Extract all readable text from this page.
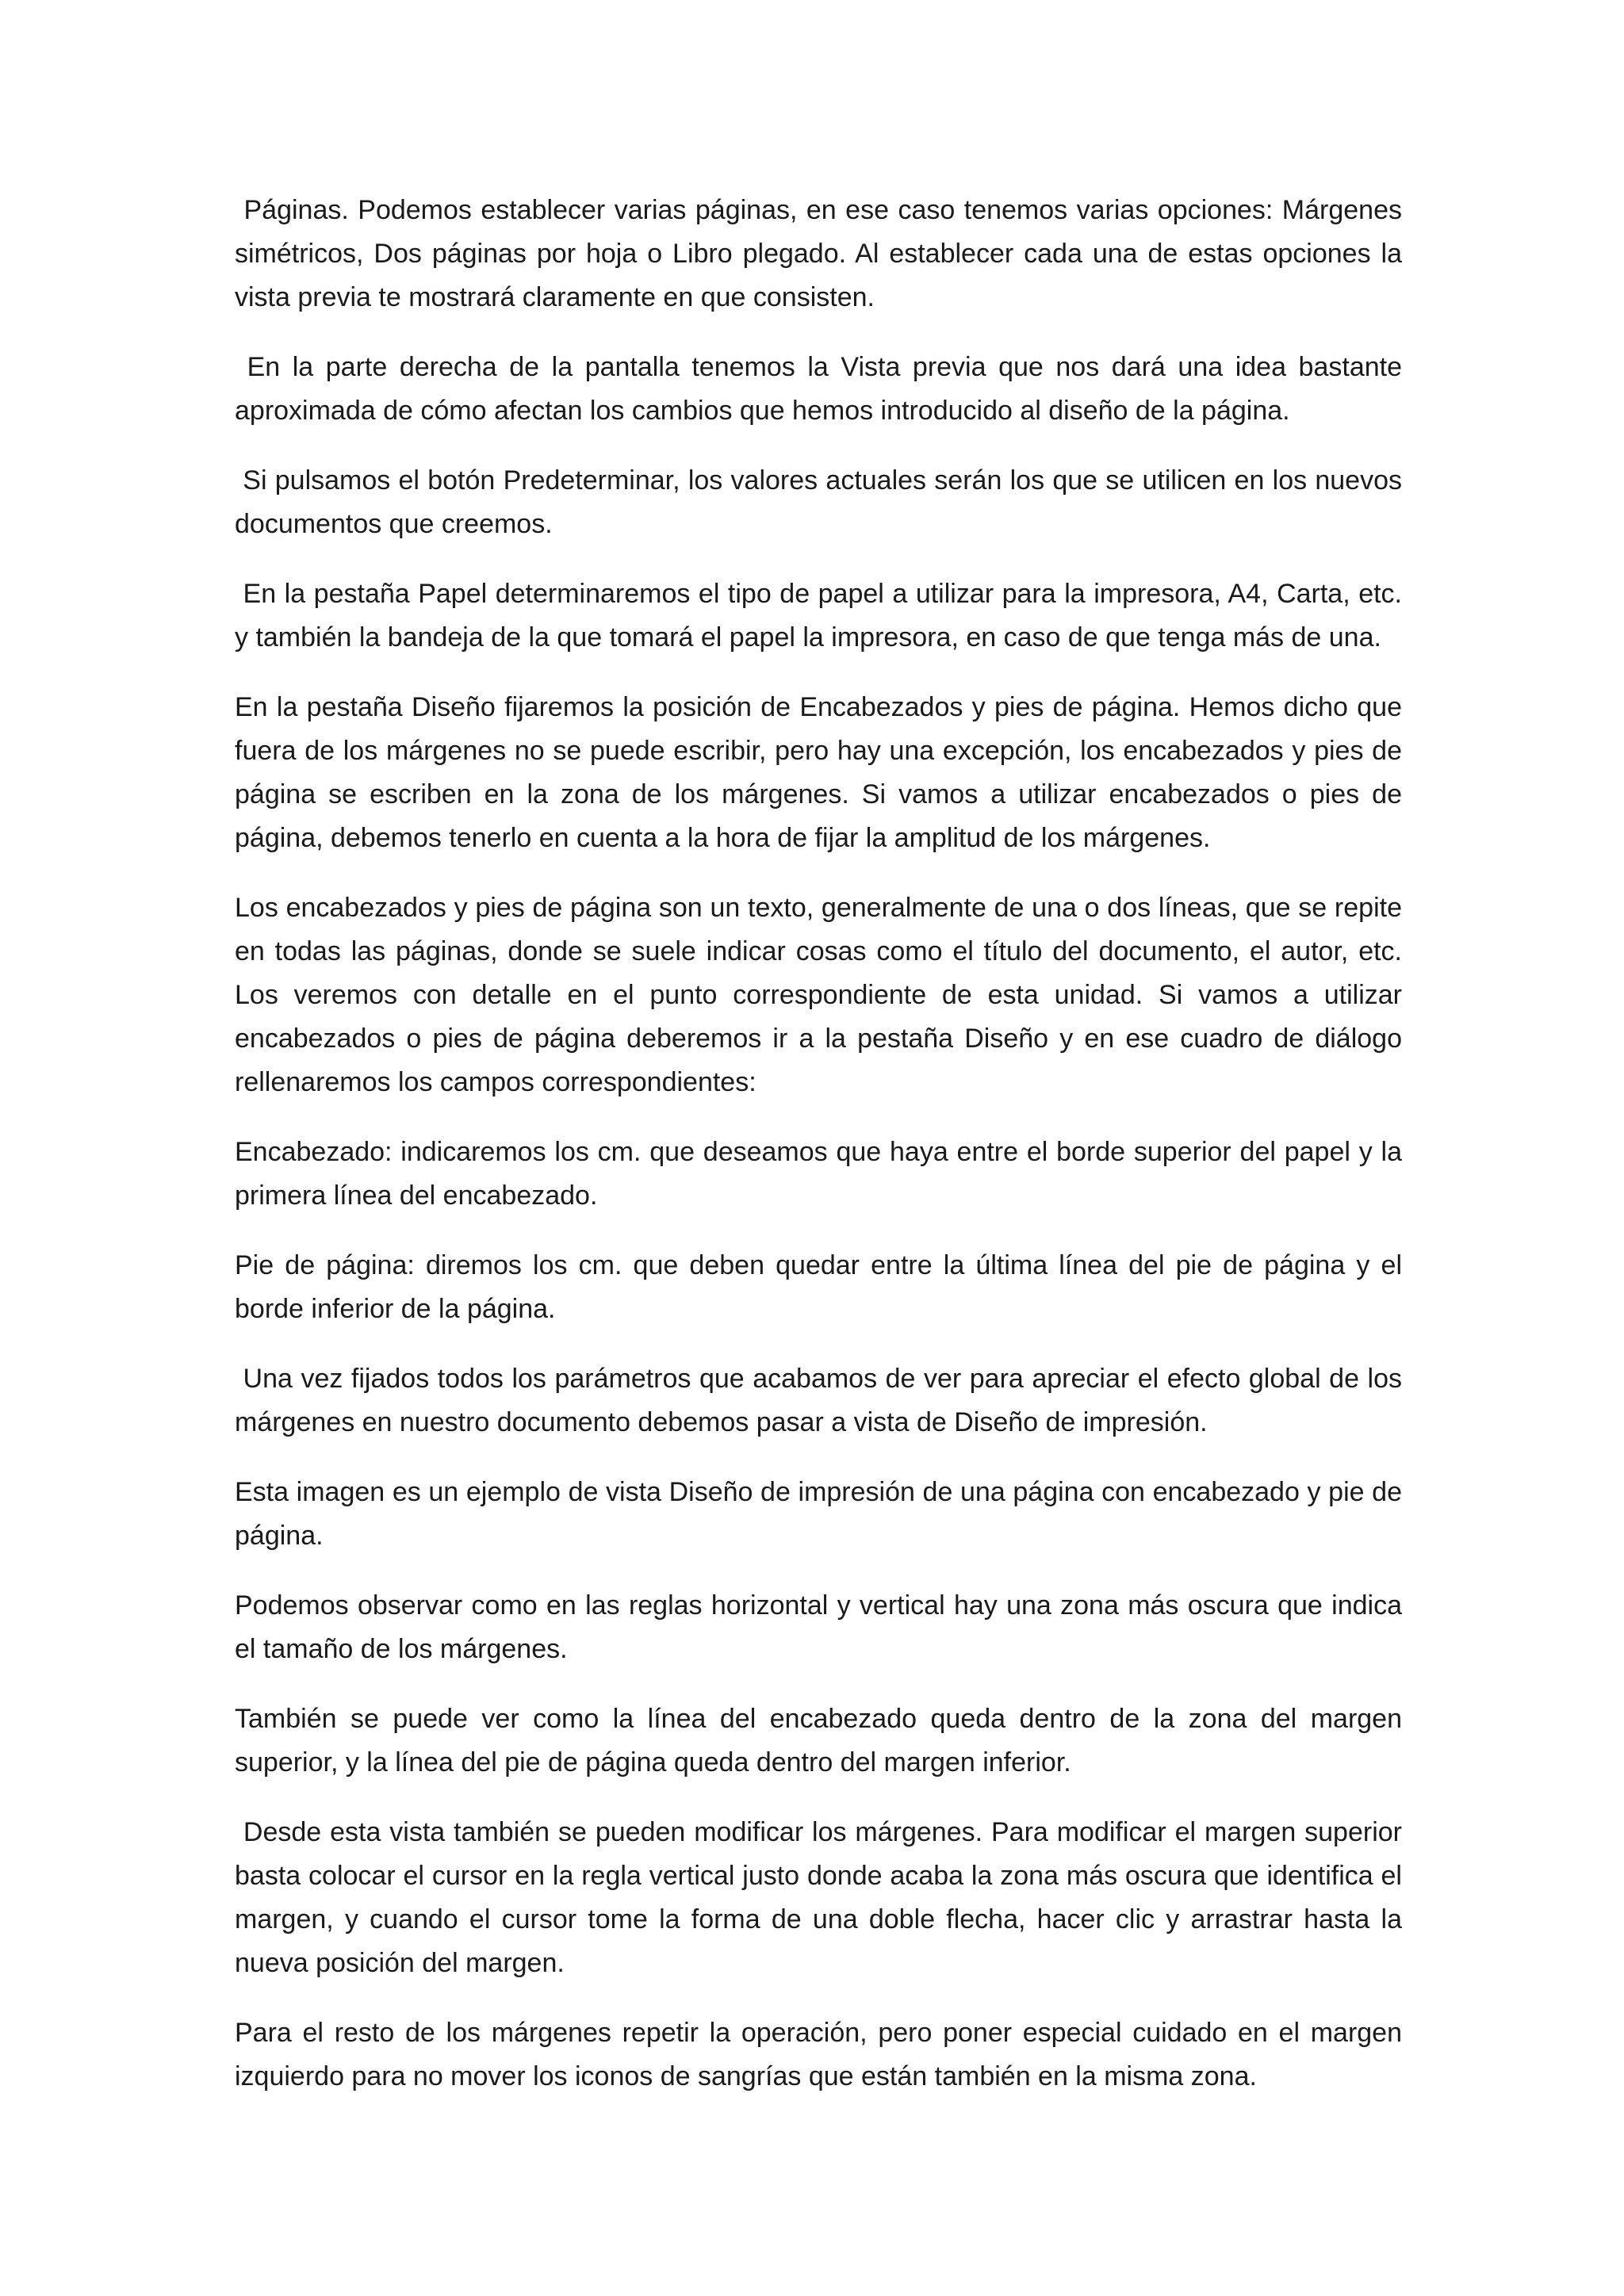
Páginas. Podemos establecer varias páginas, en ese caso tenemos varias opciones: Márgenes simétricos, Dos páginas por hoja o Libro plegado. Al establecer cada una de estas opciones la vista previa te mostrará claramente en que consisten.

En la parte derecha de la pantalla tenemos la Vista previa que nos dará una idea bastante aproximada de cómo afectan los cambios que hemos introducido al diseño de la página.

Si pulsamos el botón Predeterminar, los valores actuales serán los que se utilicen en los nuevos documentos que creemos.

En la pestaña Papel determinaremos el tipo de papel a utilizar para la impresora, A4, Carta, etc. y también la bandeja de la que tomará el papel la impresora, en caso de que tenga más de una.

En la pestaña Diseño fijaremos la posición de Encabezados y pies de página. Hemos dicho que fuera de los márgenes no se puede escribir, pero hay una excepción, los encabezados y pies de página se escriben en la zona de los márgenes. Si vamos a utilizar encabezados o pies de página, debemos tenerlo en cuenta a la hora de fijar la amplitud de los márgenes.

Los encabezados y pies de página son un texto, generalmente de una o dos líneas, que se repite en todas las páginas, donde se suele indicar cosas como el título del documento, el autor, etc. Los veremos con detalle en el punto correspondiente de esta unidad. Si vamos a utilizar encabezados o pies de página deberemos ir a la pestaña Diseño y en ese cuadro de diálogo rellenaremos los campos correspondientes:

Encabezado: indicaremos los cm. que deseamos que haya entre el borde superior del papel y la primera línea del encabezado.

Pie de página: diremos los cm. que deben quedar entre la última línea del pie de página y el borde inferior de la página.

Una vez fijados todos los parámetros que acabamos de ver para apreciar el efecto global de los márgenes en nuestro documento debemos pasar a vista de Diseño de impresión.

Esta imagen es un ejemplo de vista Diseño de impresión de una página con encabezado y pie de página.

Podemos observar como en las reglas horizontal y vertical hay una zona más oscura que indica el tamaño de los márgenes.

También se puede ver como la línea del encabezado queda dentro de la zona del margen superior, y la línea del pie de página queda dentro del margen inferior.

Desde esta vista también se pueden modificar los márgenes. Para modificar el margen superior basta colocar el cursor en la regla vertical justo donde acaba la zona más oscura que identifica el margen, y cuando el cursor tome la forma de una doble flecha, hacer clic y arrastrar hasta la nueva posición del margen.

Para el resto de los márgenes repetir la operación, pero poner especial cuidado en el margen izquierdo para no mover los iconos de sangrías que están también en la misma zona.
